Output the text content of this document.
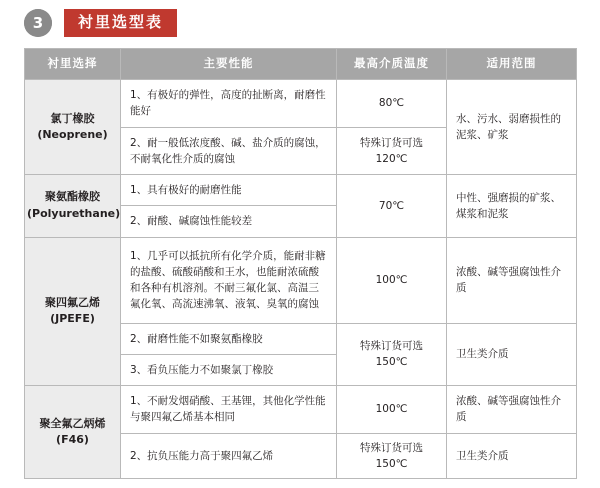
3	衬里选型表
衬里选择	主要性能	最高介质温度	适用范围

氯丁橡胶
(Neoprene)	1、有极好的弹性，高度的扯断离，耐磨性能好	80℃	水、污水、弱磨损性的泥浆、矿浆
	2、耐一般低浓度酸、碱、盐介质的腐蚀，不耐氧化性介质的腐蚀	特殊订货可选
120℃	

聚氨酯橡胶
(Polyurethane)	1、具有极好的耐磨性能	70℃	中性、强磨损的矿浆、煤浆和泥浆
	2、耐酸、碱腐蚀性能较差		

聚四氟乙烯
(JPEFE)	1、几乎可以抵抗所有化学介质，能耐非糖的盐酸、硫酸硝酸和王水，也能耐浓硫酸和各种有机溶剂。不耐三氟化氯、高温三氟化氧、高流速沸氧、液氧、臭氧的腐蚀	100℃	浓酸、碱等强腐蚀性介质
	2、耐磨性能不如聚氨酯橡胶	特殊订货可选
150℃	卫生类介质
	3、看负压能力不如聚氯丁橡胶		

聚全氟乙炳烯
(F46)	1、不耐发烟硝酸、王基锂，其他化学性能与聚四氟乙烯基本相同	100℃	浓酸、碱等强腐蚀性介质
	2、抗负压能力高于聚四氟乙烯	特殊订货可选
150℃	卫生类介质
